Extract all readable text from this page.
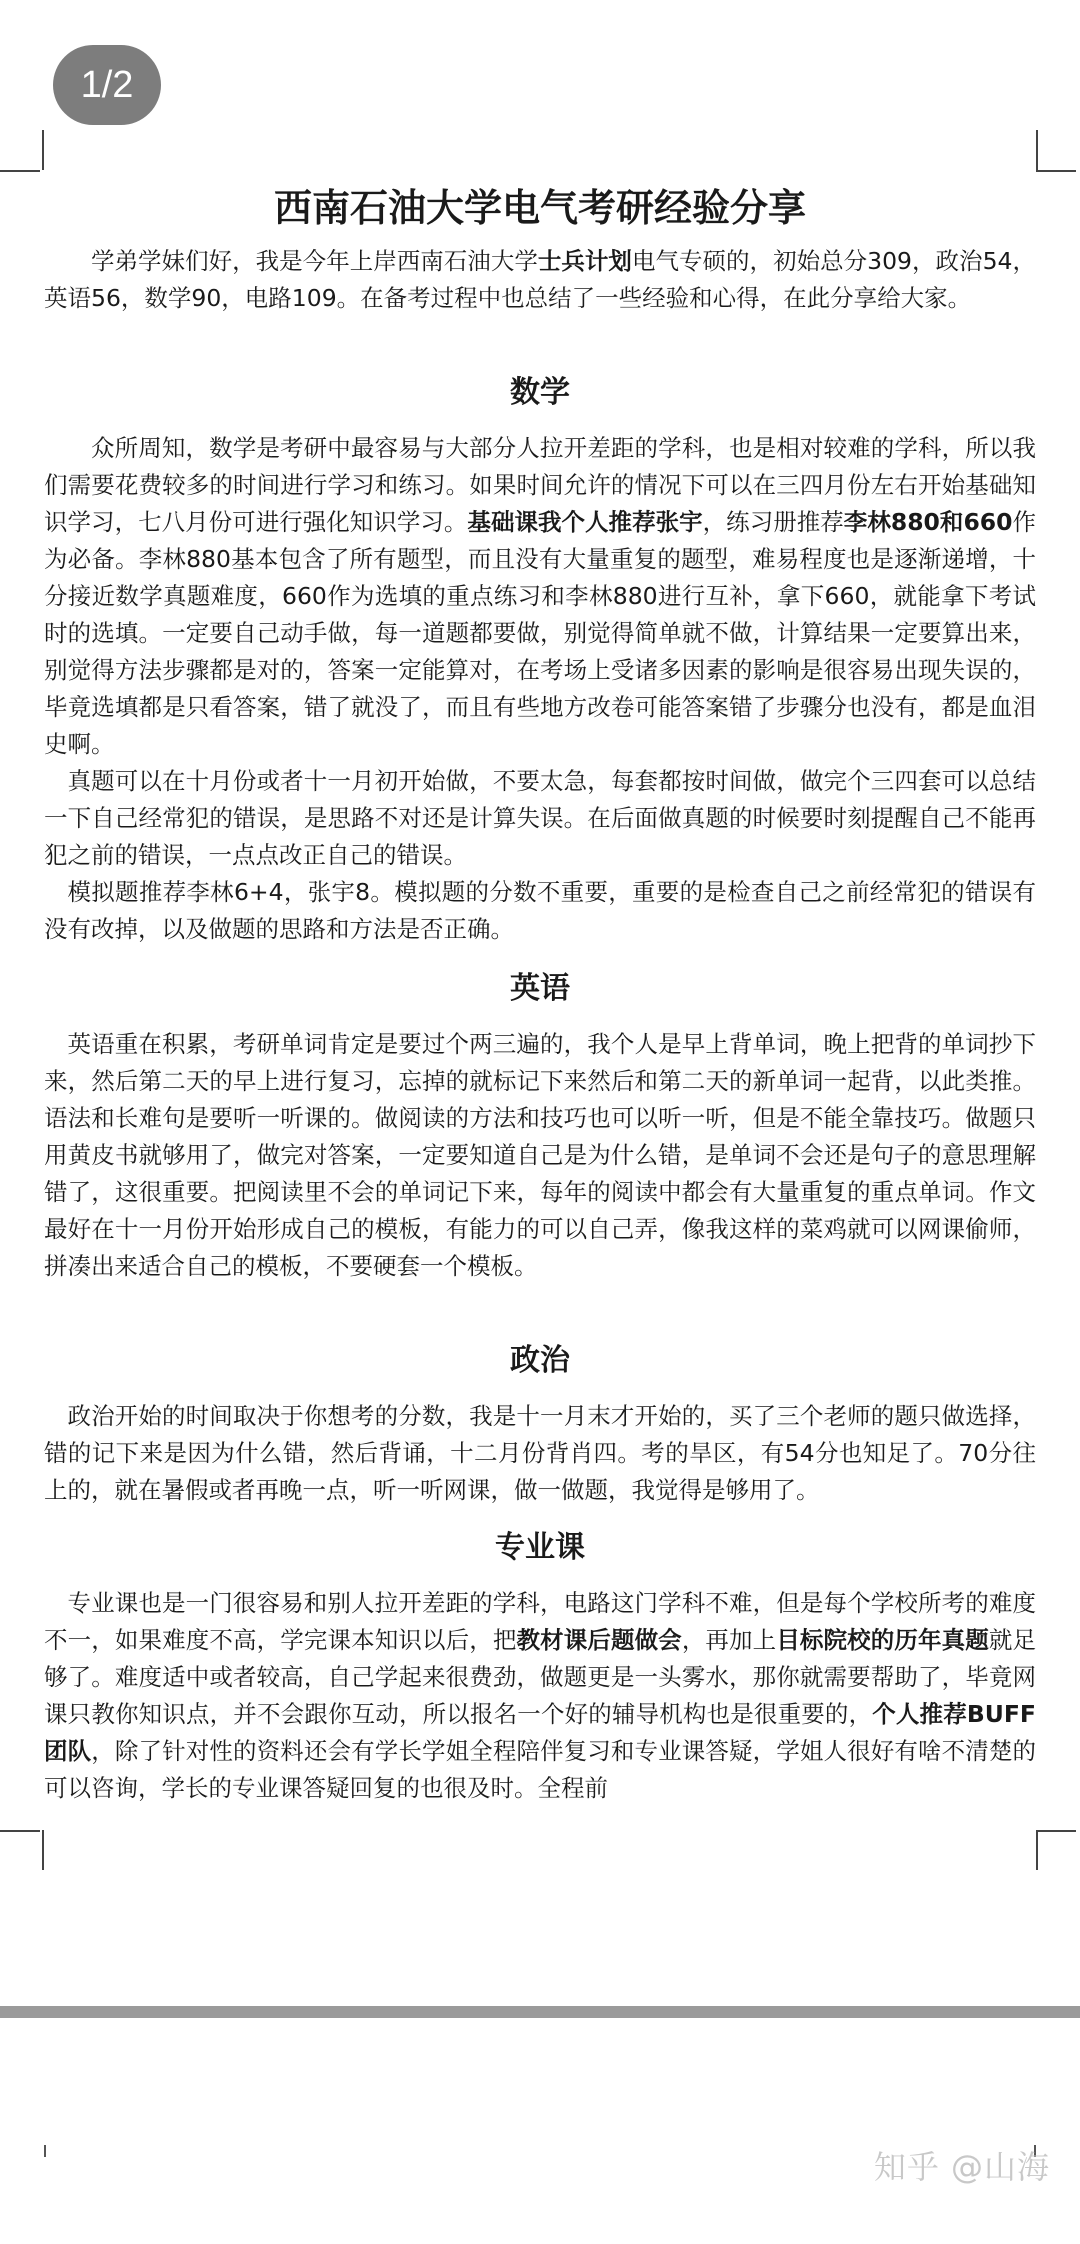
1/2
西南石油大学电气考研经验分享
学弟学妹们好，我是今年上岸西南石油大学士兵计划电气专硕的，初始总分309，政治54，英语56，数学90，电路109。在备考过程中也总结了一些经验和心得，在此分享给大家。
数学
众所周知，数学是考研中最容易与大部分人拉开差距的学科，也是相对较难的学科，所以我们需要花费较多的时间进行学习和练习。如果时间允许的情况下可以在三四月份左右开始基础知识学习，七八月份可进行强化知识学习。基础课我个人推荐张宇，练习册推荐李林880和660作为必备。李林880基本包含了所有题型，而且没有大量重复的题型，难易程度也是逐渐递增，十分接近数学真题难度，660作为选填的重点练习和李林880进行互补，拿下660，就能拿下考试时的选填。一定要自己动手做，每一道题都要做，别觉得简单就不做，计算结果一定要算出来，别觉得方法步骤都是对的，答案一定能算对，在考场上受诸多因素的影响是很容易出现失误的，毕竟选填都是只看答案，错了就没了，而且有些地方改卷可能答案错了步骤分也没有，都是血泪史啊。
真题可以在十月份或者十一月初开始做，不要太急，每套都按时间做，做完个三四套可以总结一下自己经常犯的错误，是思路不对还是计算失误。在后面做真题的时候要时刻提醒自己不能再犯之前的错误，一点点改正自己的错误。
模拟题推荐李林6+4，张宇8。模拟题的分数不重要，重要的是检查自己之前经常犯的错误有没有改掉，以及做题的思路和方法是否正确。
英语
英语重在积累，考研单词肯定是要过个两三遍的，我个人是早上背单词，晚上把背的单词抄下来，然后第二天的早上进行复习，忘掉的就标记下来然后和第二天的新单词一起背，以此类推。语法和长难句是要听一听课的。做阅读的方法和技巧也可以听一听，但是不能全靠技巧。做题只用黄皮书就够用了，做完对答案，一定要知道自己是为什么错，是单词不会还是句子的意思理解错了，这很重要。把阅读里不会的单词记下来，每年的阅读中都会有大量重复的重点单词。作文最好在十一月份开始形成自己的模板，有能力的可以自己弄，像我这样的菜鸡就可以网课偷师，拼凑出来适合自己的模板，不要硬套一个模板。
政治
政治开始的时间取决于你想考的分数，我是十一月末才开始的，买了三个老师的题只做选择，错的记下来是因为什么错，然后背诵，十二月份背肖四。考的旱区，有54分也知足了。70分往上的，就在暑假或者再晚一点，听一听网课，做一做题，我觉得是够用了。
专业课
专业课也是一门很容易和别人拉开差距的学科，电路这门学科不难，但是每个学校所考的难度不一，如果难度不高，学完课本知识以后，把教材课后题做会，再加上目标院校的历年真题就足够了。难度适中或者较高，自己学起来很费劲，做题更是一头雾水，那你就需要帮助了，毕竟网课只教你知识点，并不会跟你互动，所以报名一个好的辅导机构也是很重要的，个人推荐BUFF团队，除了针对性的资料还会有学长学姐全程陪伴复习和专业课答疑，学姐人很好有啥不清楚的可以咨询，学长的专业课答疑回复的也很及时。全程前
知乎 @山海
